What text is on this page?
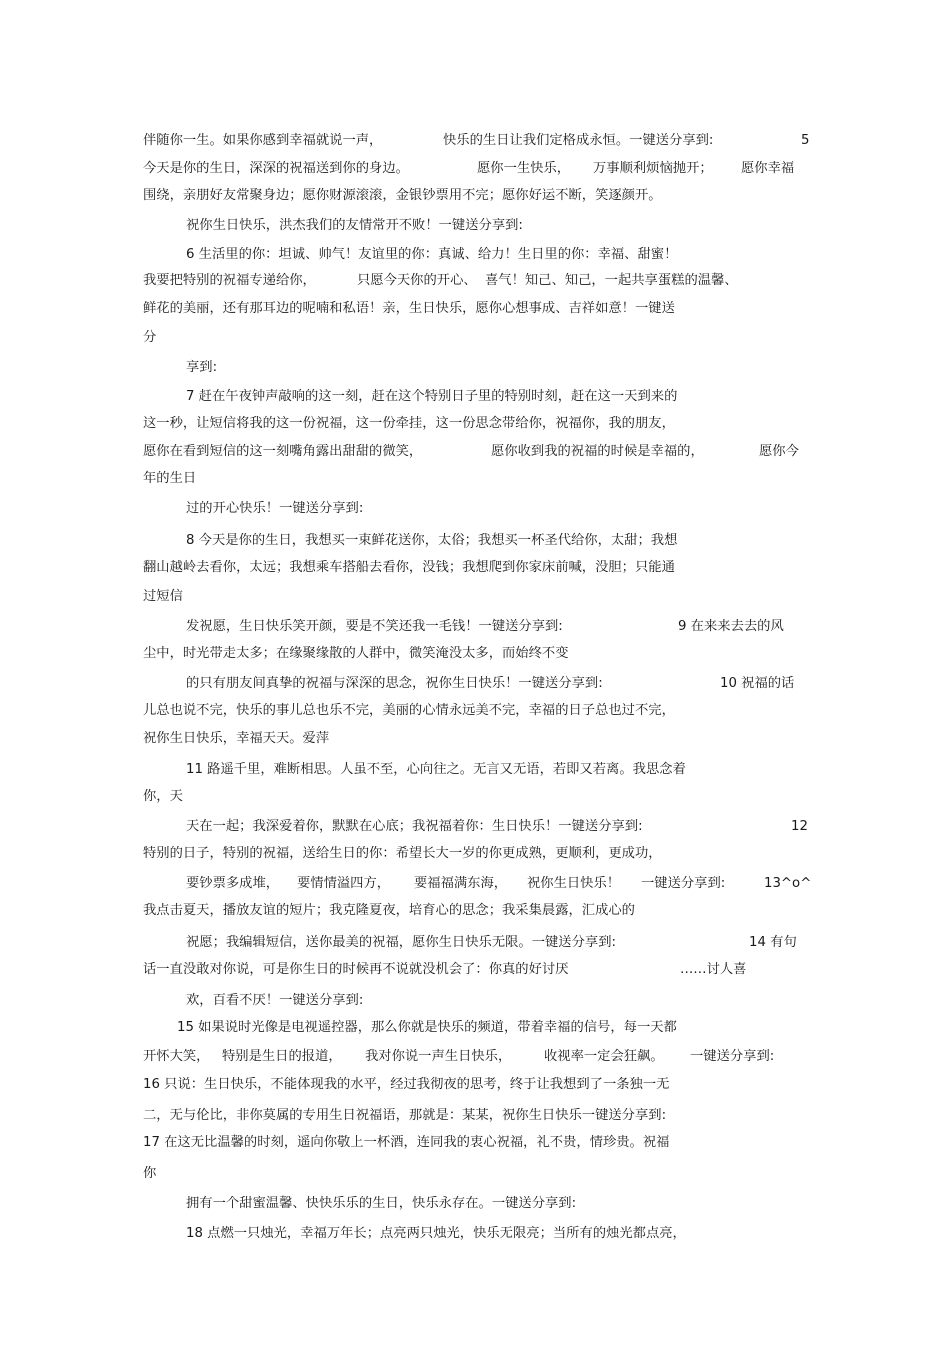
伴随你一生。如果你感到幸福就说一声，	快乐的生日让我们定格成永恒。一键送分享到:	5
今天是你的生日，深深的祝福送到你的身边。	愿你一生快乐， 万事顺利烦恼抛开； 愿你幸福
围绕，亲朋好友常聚身边；愿你财源滚滚，金银钞票用不完；愿你好运不断，笑逐颜开。
祝你生日快乐，洪杰我们的友情常开不败！一键送分享到:
6 生活里的你：坦诚、帅气！友谊里的你：真诚、给力！生日里的你：幸福、甜蜜！
我要把特别的祝福专递给你，	只愿今天你的开心、 喜气！知己、知己，一起共享蛋糕的温馨、
鲜花的美丽，还有那耳边的呢喃和私语！亲，生日快乐，愿你心想事成、吉祥如意！一键送
分
享到:
7 赶在午夜钟声敲响的这一刻，赶在这个特别日子里的特别时刻，赶在这一天到来的
这一秒，让短信将我的这一份祝福，这一份牵挂，这一份思念带给你，祝福你，我的朋友，
愿你在看到短信的这一刻嘴角露出甜甜的微笑，	愿你收到我的祝福的时候是幸福的，	愿你今
年的生日
过的开心快乐！一键送分享到:
8 今天是你的生日，我想买一束鲜花送你，太俗；我想买一杯圣代给你，太甜；我想
翻山越岭去看你，太远；我想乘车搭船去看你，没钱；我想爬到你家床前喊，没胆；只能通
过短信
发祝愿，生日快乐笑开颜，要是不笑还我一毛钱！一键送分享到:	9 在来来去去的风
尘中，时光带走太多；在缘聚缘散的人群中，微笑淹没太多，而始终不变
的只有朋友间真挚的祝福与深深的思念，祝你生日快乐！一键送分享到:	10 祝福的话
儿总也说不完，快乐的事儿总也乐不完，美丽的心情永远美不完，幸福的日子总也过不完，
祝你生日快乐，幸福天天。爱萍
11 路遥千里，难断相思。人虽不至，心向往之。无言又无语，若即又若离。我思念着
你，天
天在一起；我深爱着你，默默在心底；我祝福着你：生日快乐！一键送分享到:	12
特别的日子，特别的祝福，送给生日的你：希望长大一岁的你更成熟，更顺利，更成功，
要钞票多成堆， 要情情溢四方， 要福福满东海， 祝你生日快乐！ 一键送分享到:	13^o^
我点击夏天，播放友谊的短片；我克隆夏夜，培育心的思念；我采集晨露，汇成心的
祝愿；我编辑短信，送你最美的祝福，愿你生日快乐无限。一键送分享到:	14 有句
话一直没敢对你说，可是你生日的时候再不说就没机会了：你真的好讨厌	……讨人喜
欢，百看不厌！一键送分享到:
15 如果说时光像是电视遥控器，那么你就是快乐的频道，带着幸福的信号，每一天都
开怀大笑， 特别是生日的报道， 我对你说一声生日快乐， 收视率一定会狂飙。 一键送分享到:
16 只说：生日快乐，不能体现我的水平，经过我彻夜的思考，终于让我想到了一条独一无
二，无与伦比，非你莫属的专用生日祝福语，那就是：某某，祝你生日快乐一键送分享到:
17 在这无比温馨的时刻，遥向你敬上一杯酒，连同我的衷心祝福，礼不贵，情珍贵。祝福
你
拥有一个甜蜜温馨、快快乐乐的生日，快乐永存在。一键送分享到:
18 点燃一只烛光，幸福万年长；点亮两只烛光，快乐无限亮；当所有的烛光都点亮，
